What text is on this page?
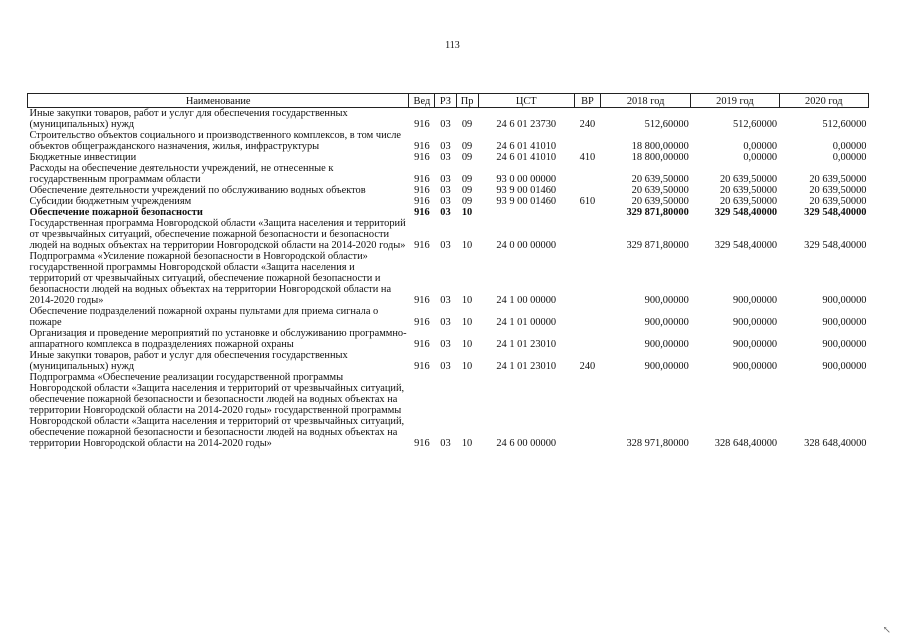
113
Наименование	Вед	РЗ	Пр	ЦСТ	ВР	2018 год	2019 год	2020 год
Иные закупки товаров, работ и услуг для обеспечения государственных (муниципальных) нужд	916	03	09	24 6 01 23730	240	512,60000	512,60000	512,60000
Строительство объектов социального и производственного комплексов, в том числе объектов общегражданского назначения, жилья, инфраструктуры	916	03	09	24 6 01 41010		18 800,00000	0,00000	0,00000
Бюджетные инвестиции	916	03	09	24 6 01 41010	410	18 800,00000	0,00000	0,00000
Расходы на обеспечение деятельности учреждений, не отнесенные к государственным программам области	916	03	09	93 0 00 00000		20 639,50000	20 639,50000	20 639,50000
Обеспечение деятельности учреждений по обслуживанию водных объектов	916	03	09	93 9 00 01460		20 639,50000	20 639,50000	20 639,50000
Субсидии бюджетным учреждениям	916	03	09	93 9 00 01460	610	20 639,50000	20 639,50000	20 639,50000
Обеспечение пожарной безопасности	916	03	10			329 871,80000	329 548,40000	329 548,40000
Государственная программа Новгородской области «Защита населения и территорий от чрезвычайных ситуаций, обеспечение пожарной безопасности и безопасности людей на водных объектах на территории Новгородской области на 2014-2020 годы»	916	03	10	24 0 00 00000		329 871,80000	329 548,40000	329 548,40000
Подпрограмма «Усиление пожарной безопасности в Новгородской области» государственной программы Новгородской области «Защита населения и территорий от чрезвычайных ситуаций, обеспечение пожарной безопасности и безопасности людей на водных объектах на территории Новгородской области на 2014-2020 годы»	916	03	10	24 1 00 00000		900,00000	900,00000	900,00000
Обеспечение подразделений пожарной охраны пультами для приема сигнала о пожаре	916	03	10	24 1 01 00000		900,00000	900,00000	900,00000
Организация и проведение мероприятий по установке и обслуживанию программно-аппаратного комплекса в подразделениях пожарной охраны	916	03	10	24 1 01 23010		900,00000	900,00000	900,00000
Иные закупки товаров, работ и услуг для обеспечения государственных (муниципальных) нужд	916	03	10	24 1 01 23010	240	900,00000	900,00000	900,00000
Подпрограмма «Обеспечение реализации государственной программы Новгородской области «Защита населения и территорий от чрезвычайных ситуаций, обеспечение пожарной безопасности и безопасности людей на водных объектах на территории Новгородской области на 2014-2020 годы» государственной программы Новгородской области «Защита населения и территорий от чрезвычайных ситуаций, обеспечение пожарной безопасности и безопасности людей на водных объектах на территории Новгородской области на 2014-2020 годы»	916	03	10	24 6 00 00000		328 971,80000	328 648,40000	328 648,40000
↖
